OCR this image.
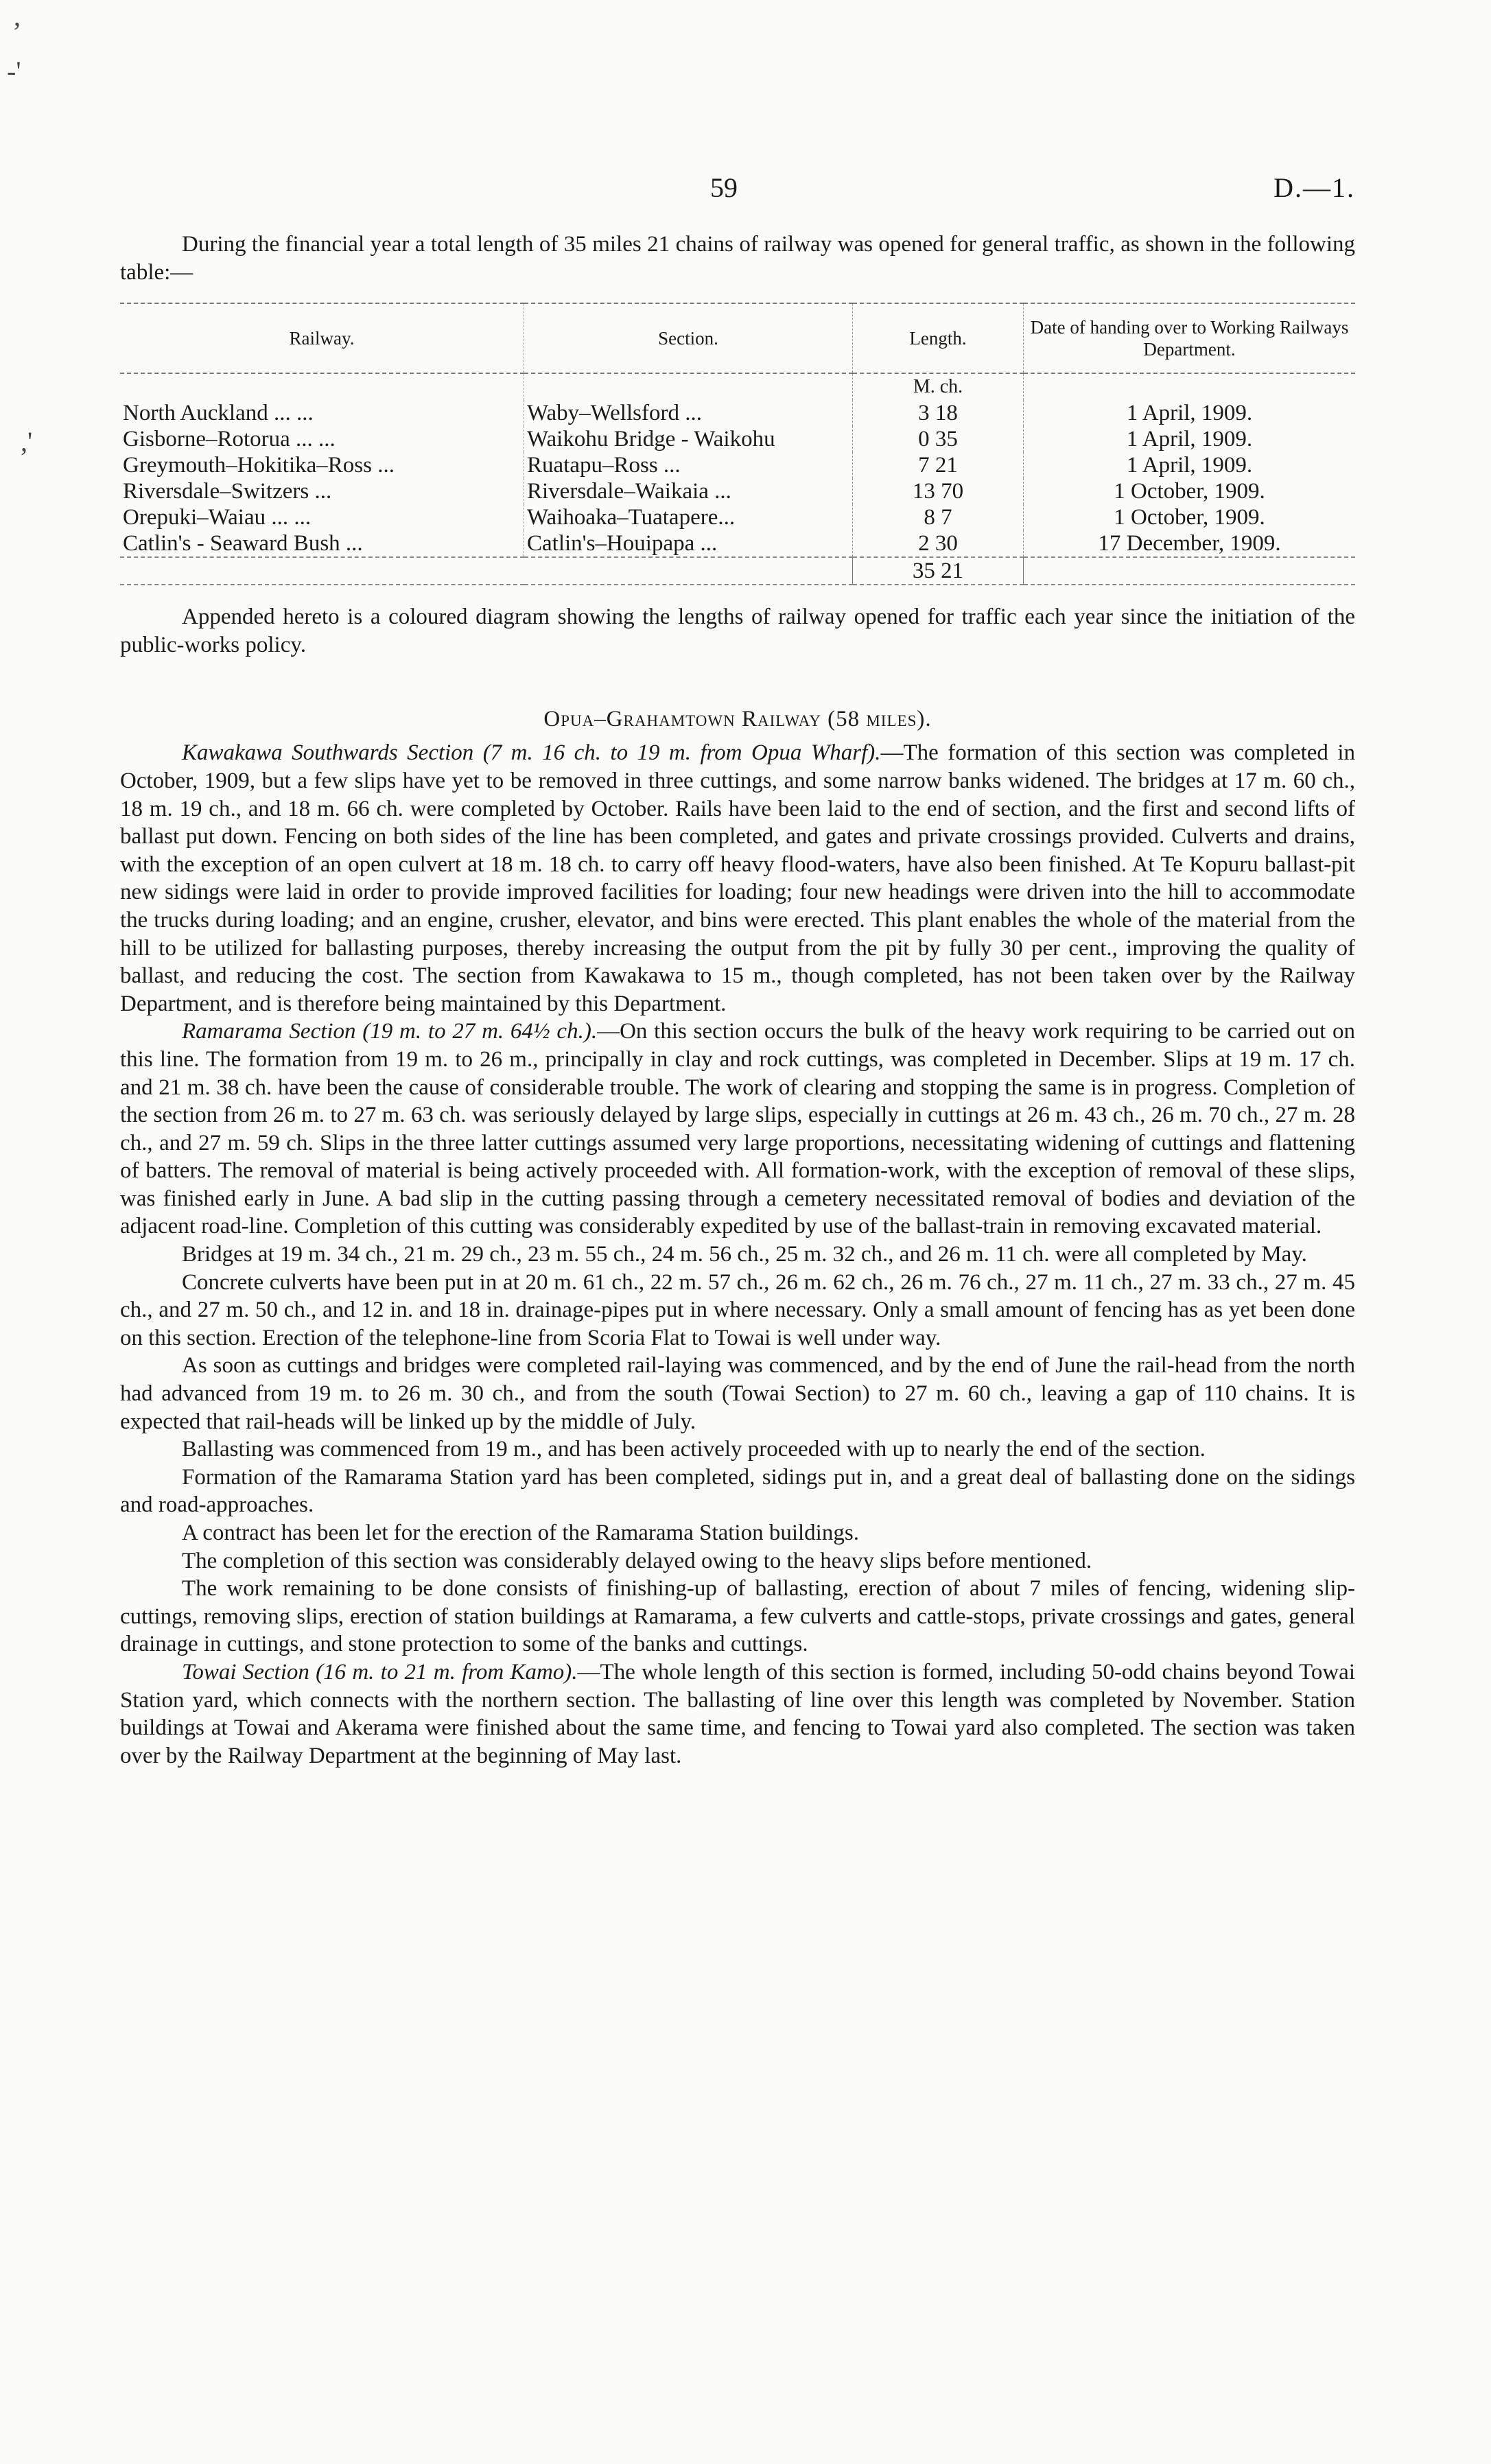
,
-'
,'
59	D.—1.

During the financial year a total length of 35 miles 21 chains of railway was opened for general traffic, as shown in the following table:—

Railway.	Section.	Length.	Date of handing over to Working Railways Department.
		M. ch.	
North Auckland ... ...	Waby–Wellsford ...	3 18	1 April, 1909.
Gisborne–Rotorua ... ...	Waikohu Bridge - Waikohu	0 35	1 April, 1909.
Greymouth–Hokitika–Ross ...	Ruatapu–Ross ...	7 21	1 April, 1909.
Riversdale–Switzers ...	Riversdale–Waikaia ...	13 70	1 October, 1909.
Orepuki–Waiau ... ...	Waihoaka–Tuatapere...	8 7	1 October, 1909.
Catlin's - Seaward Bush ...	Catlin's–Houipapa ...	2 30	17 December, 1909.
		35 21	

Appended hereto is a coloured diagram showing the lengths of railway opened for traffic each year since the initiation of the public-works policy.

Opua–Grahamtown Railway (58 miles).

Kawakawa Southwards Section (7 m. 16 ch. to 19 m. from Opua Wharf).—The formation of this section was completed in October, 1909, but a few slips have yet to be removed in three cuttings, and some narrow banks widened. The bridges at 17 m. 60 ch., 18 m. 19 ch., and 18 m. 66 ch. were completed by October. Rails have been laid to the end of section, and the first and second lifts of ballast put down. Fencing on both sides of the line has been completed, and gates and private crossings provided. Culverts and drains, with the exception of an open culvert at 18 m. 18 ch. to carry off heavy flood-waters, have also been finished. At Te Kopuru ballast-pit new sidings were laid in order to provide improved facilities for loading; four new headings were driven into the hill to accommodate the trucks during loading; and an engine, crusher, elevator, and bins were erected. This plant enables the whole of the material from the hill to be utilized for ballasting purposes, thereby increasing the output from the pit by fully 30 per cent., improving the quality of ballast, and reducing the cost. The section from Kawakawa to 15 m., though completed, has not been taken over by the Railway Department, and is therefore being maintained by this Department.

Ramarama Section (19 m. to 27 m. 64½ ch.).—On this section occurs the bulk of the heavy work requiring to be carried out on this line. The formation from 19 m. to 26 m., principally in clay and rock cuttings, was completed in December. Slips at 19 m. 17 ch. and 21 m. 38 ch. have been the cause of considerable trouble. The work of clearing and stopping the same is in progress. Completion of the section from 26 m. to 27 m. 63 ch. was seriously delayed by large slips, especially in cuttings at 26 m. 43 ch., 26 m. 70 ch., 27 m. 28 ch., and 27 m. 59 ch. Slips in the three latter cuttings assumed very large proportions, necessitating widening of cuttings and flattening of batters. The removal of material is being actively proceeded with. All formation-work, with the exception of removal of these slips, was finished early in June. A bad slip in the cutting passing through a cemetery necessitated removal of bodies and deviation of the adjacent road-line. Completion of this cutting was considerably expedited by use of the ballast-train in removing excavated material.

Bridges at 19 m. 34 ch., 21 m. 29 ch., 23 m. 55 ch., 24 m. 56 ch., 25 m. 32 ch., and 26 m. 11 ch. were all completed by May.

Concrete culverts have been put in at 20 m. 61 ch., 22 m. 57 ch., 26 m. 62 ch., 26 m. 76 ch., 27 m. 11 ch., 27 m. 33 ch., 27 m. 45 ch., and 27 m. 50 ch., and 12 in. and 18 in. drainage-pipes put in where necessary. Only a small amount of fencing has as yet been done on this section. Erection of the telephone-line from Scoria Flat to Towai is well under way.

As soon as cuttings and bridges were completed rail-laying was commenced, and by the end of June the rail-head from the north had advanced from 19 m. to 26 m. 30 ch., and from the south (Towai Section) to 27 m. 60 ch., leaving a gap of 110 chains. It is expected that rail-heads will be linked up by the middle of July.

Ballasting was commenced from 19 m., and has been actively proceeded with up to nearly the end of the section.

Formation of the Ramarama Station yard has been completed, sidings put in, and a great deal of ballasting done on the sidings and road-approaches.

A contract has been let for the erection of the Ramarama Station buildings.

The completion of this section was considerably delayed owing to the heavy slips before mentioned.

The work remaining to be done consists of finishing-up of ballasting, erection of about 7 miles of fencing, widening slip-cuttings, removing slips, erection of station buildings at Ramarama, a few culverts and cattle-stops, private crossings and gates, general drainage in cuttings, and stone protection to some of the banks and cuttings.

Towai Section (16 m. to 21 m. from Kamo).—The whole length of this section is formed, including 50-odd chains beyond Towai Station yard, which connects with the northern section. The ballasting of line over this length was completed by November. Station buildings at Towai and Akerama were finished about the same time, and fencing to Towai yard also completed. The section was taken over by the Railway Department at the beginning of May last.
